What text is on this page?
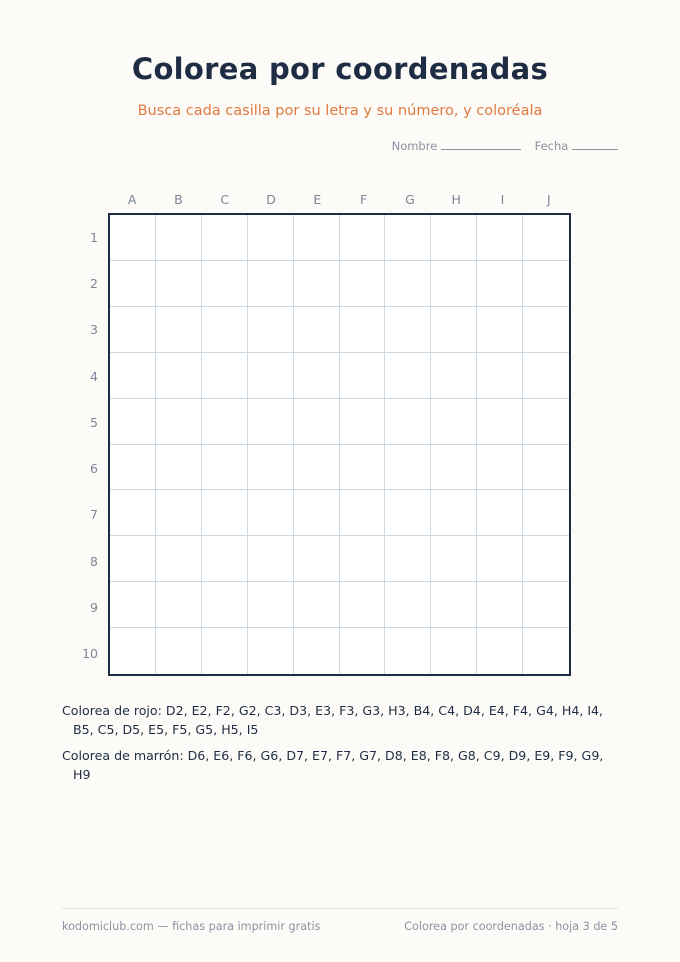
Colorea por coordenadas
Busca cada casilla por su letra y su número, y coloréala
Nombre	Fecha
A	B	C	D	E	F	G	H	I	J
1
2
3
4
5
6
7
8
9
10
Colorea de rojo: D2, E2, F2, G2, C3, D3, E3, F3, G3, H3, B4, C4, D4, E4, F4, G4, H4, I4, B5, C5, D5, E5, F5, G5, H5, I5
Colorea de marrón: D6, E6, F6, G6, D7, E7, F7, G7, D8, E8, F8, G8, C9, D9, E9, F9, G9, H9
kodomiclub.com — fichas para imprimir gratis	Colorea por coordenadas · hoja 3 de 5
